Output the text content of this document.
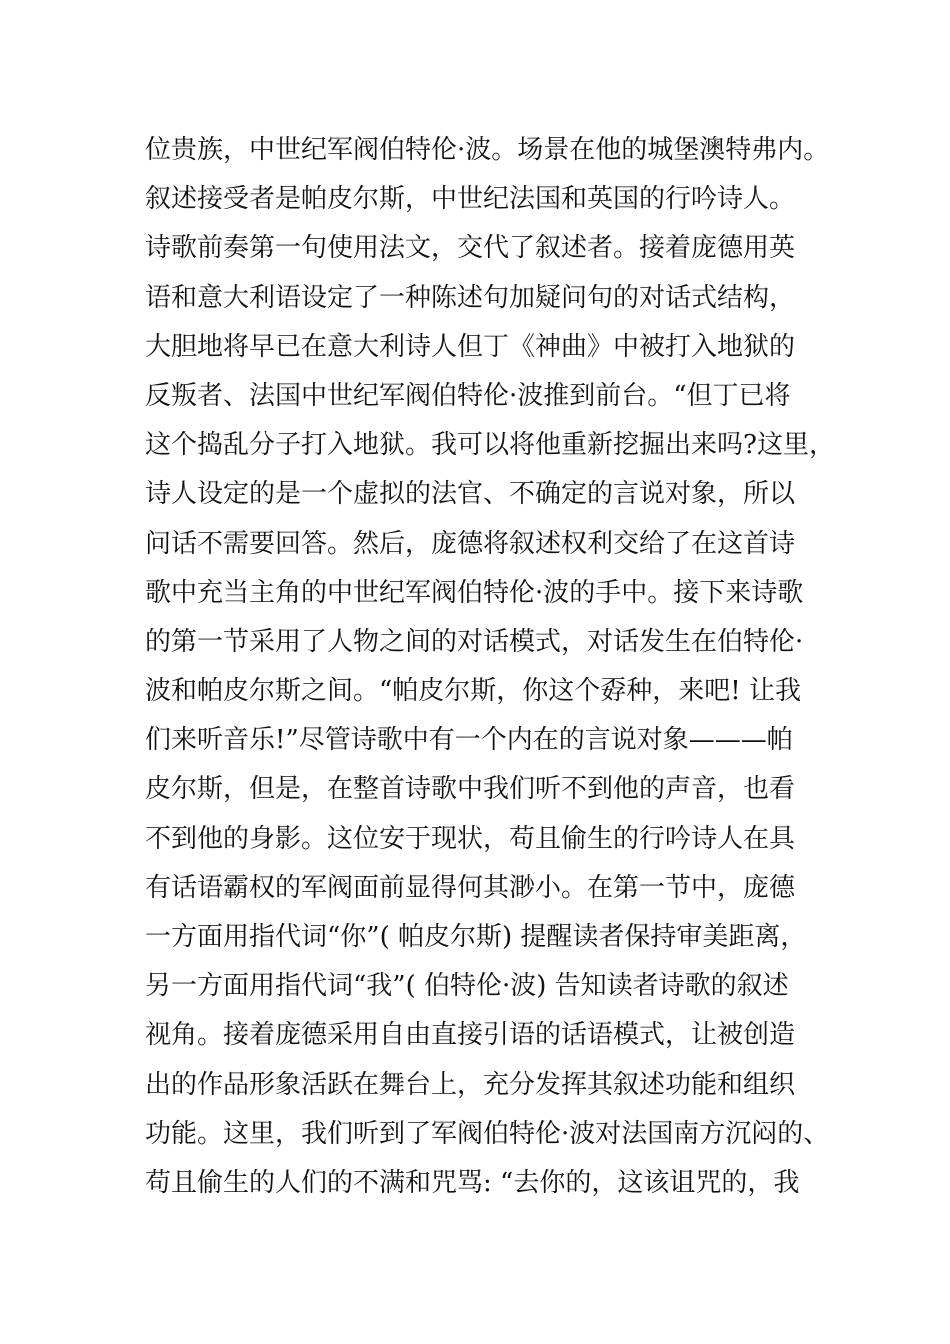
位贵族，中世纪军阀伯特伦·波。场景在他的城堡澳特弗内。
叙述接受者是帕皮尔斯，中世纪法国和英国的行吟诗人。
诗歌前奏第一句使用法文，交代了叙述者。接着庞德用英
语和意大利语设定了一种陈述句加疑问句的对话式结构，
大胆地将早已在意大利诗人但丁《神曲》中被打入地狱的
反叛者、法国中世纪军阀伯特伦·波推到前台。“但丁已将
这个捣乱分子打入地狱。我可以将他重新挖掘出来吗?这里，
诗人设定的是一个虚拟的法官、不确定的言说对象，所以
问话不需要回答。然后，庞德将叙述权利交给了在这首诗
歌中充当主角的中世纪军阀伯特伦·波的手中。接下来诗歌
的第一节采用了人物之间的对话模式，对话发生在伯特伦·
波和帕皮尔斯之间。“帕皮尔斯，你这个孬种，来吧! 让我
们来听音乐!”尽管诗歌中有一个内在的言说对象———帕
皮尔斯，但是，在整首诗歌中我们听不到他的声音，也看
不到他的身影。这位安于现状，苟且偷生的行吟诗人在具
有话语霸权的军阀面前显得何其渺小。在第一节中，庞德
一方面用指代词“你”( 帕皮尔斯) 提醒读者保持审美距离，
另一方面用指代词“我”( 伯特伦·波) 告知读者诗歌的叙述
视角。接着庞德采用自由直接引语的话语模式，让被创造
出的作品形象活跃在舞台上，充分发挥其叙述功能和组织
功能。这里，我们听到了军阀伯特伦·波对法国南方沉闷的、
苟且偷生的人们的不满和咒骂: “去你的，这该诅咒的，我
